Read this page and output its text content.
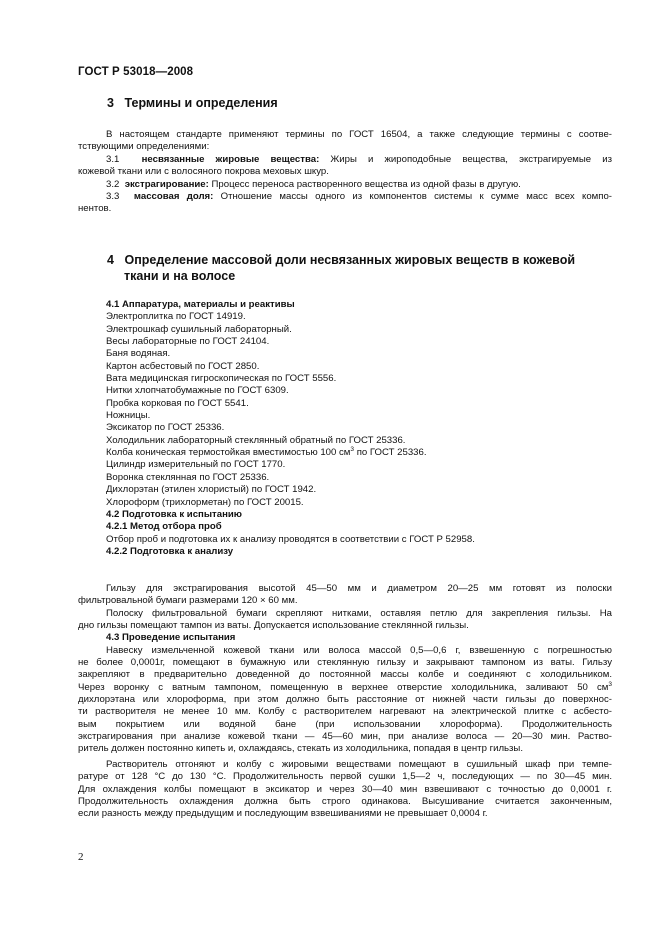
ГОСТ Р 53018—2008
3 Термины и определения

В настоящем стандарте применяют термины по ГОСТ 16504, а также следующие термины с соотве-

тствующими определениями:

3.1 несвязанные жировые вещества: Жиры и жироподобные вещества, экстрагируемые из

кожевой ткани или с волосяного покрова меховых шкур.

3.2 экстрагирование: Процесс переноса растворенного вещества из одной фазы в другую.

3.3 массовая доля: Отношение массы одного из компонентов системы к сумме масс всех компо-

нентов.

4 Определение массовой доли несвязанных жировых веществ в кожевой
ткани и на волосе
4.1 Аппаратура, материалы и реактивы
Электроплитка по ГОСТ 14919.
Электрошкаф сушильный лабораторный.
Весы лабораторные по ГОСТ 24104.
Баня водяная.
Картон асбестовый по ГОСТ 2850.
Вата медицинская гигроскопическая по ГОСТ 5556.
Нитки хлопчатобумажные по ГОСТ 6309.
Пробка корковая по ГОСТ 5541.
Ножницы.
Эксикатор по ГОСТ 25336.
Холодильник лабораторный стеклянный обратный по ГОСТ 25336.
Колба коническая термостойкая вместимостью 100 $см^3$ по ГОСТ 25336.
Цилиндр измерительный по ГОСТ 1770.
Воронка стеклянная по ГОСТ 25336.
Дихлорэтан (этилен хлористый) по ГОСТ 1942.
Хлороформ (трихлорметан) по ГОСТ 20015.
4.2 Подготовка к испытанию
4.2.1 Метод отбора проб
Отбор проб и подготовка их к анализу проводятся в соответствии с ГОСТ Р 52958.
4.2.2 Подготовка к анализу

Гильзу для экстрагирования высотой 45—50 мм и диаметром 20—25 мм готовят из полоски

фильтровальной бумаги размерами 120 × 60 мм.

Полоску фильтровальной бумаги скрепляют нитками, оставляя петлю для закрепления гильзы. На

дно гильзы помещают тампон из ваты. Допускается использование стеклянной гильзы.

4.3 Проведение испытания

Навеску измельченной кожевой ткани или волоса массой 0,5—0,6 г, взвешенную с погрешностью

не более 0,0001г, помещают в бумажную или стеклянную гильзу и закрывают тампоном из ваты. Гильзу

закрепляют в предварительно доведенной до постоянной массы колбе и соединяют с холодильником.

Через воронку с ватным тампоном, помещенную в верхнее отверстие холодильника, заливают 50 $см^3$

дихлорэтана или хлороформа, при этом должно быть расстояние от нижней части гильзы до поверхнос-

ти растворителя не менее 10 мм. Колбу с растворителем нагревают на электрической плитке с асбесто-

вым покрытием или водяной бане (при использовании хлороформа). Продолжительность

экстрагирования при анализе кожевой ткани — 45—60 мин, при анализе волоса — 20—30 мин. Раство-

ритель должен постоянно кипеть и, охлаждаясь, стекать из холодильника, попадая в центр гильзы.

Растворитель отгоняют и колбу с жировыми веществами помещают в сушильный шкаф при темпе-

ратуре от 128 °С до 130 °С. Продолжительность первой сушки 1,5—2 ч, последующих — по 30—45 мин.

Для охлаждения колбы помещают в эксикатор и через 30—40 мин взвешивают с точностью до 0,0001 г.

Продолжительность охлаждения должна быть строго одинакова. Высушивание считается законченным,

если разность между предыдущим и последующим взвешиваниями не превышает 0,0004 г.

2
